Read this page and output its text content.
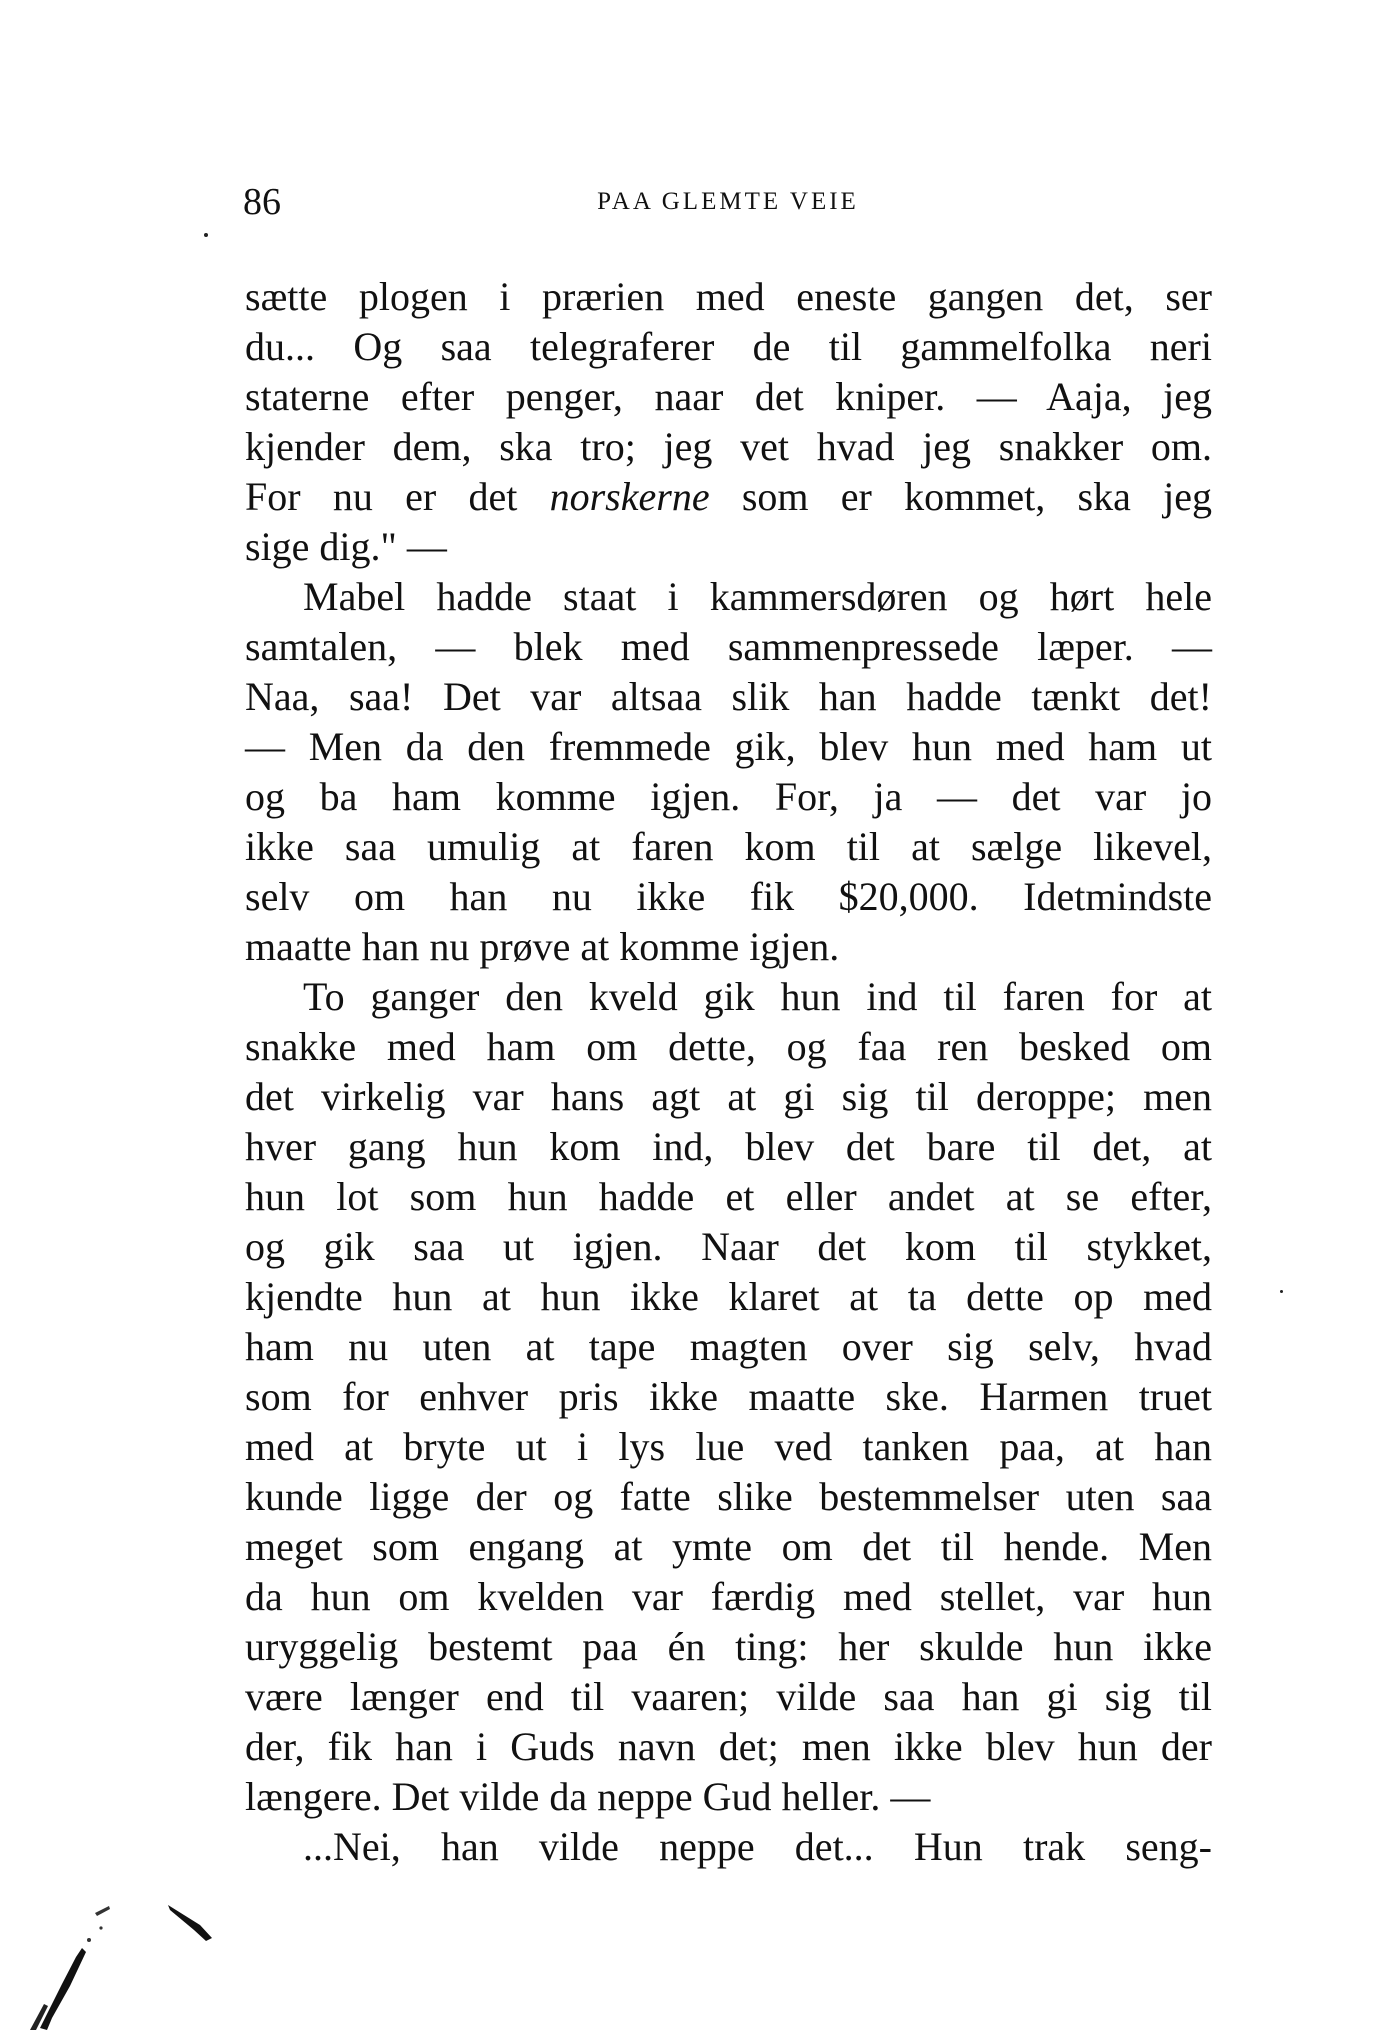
86	PAA GLEMTE VEIE
sætte plogen i prærien med eneste gangen det, ser
du... Og saa telegraferer de til gammelfolka neri
staterne efter penger, naar det kniper. — Aaja, jeg
kjender dem, ska tro; jeg vet hvad jeg snakker om.
For nu er det norskerne som er kommet, ska jeg
sige dig." —
Mabel hadde staat i kammersdøren og hørt hele
samtalen, — blek med sammenpressede læper. —
Naa, saa! Det var altsaa slik han hadde tænkt det!
— Men da den fremmede gik, blev hun med ham ut
og ba ham komme igjen. For, ja — det var jo
ikke saa umulig at faren kom til at sælge likevel,
selv om han nu ikke fik $20,000. Idetmindste
maatte han nu prøve at komme igjen.
To ganger den kveld gik hun ind til faren for at
snakke med ham om dette, og faa ren besked om
det virkelig var hans agt at gi sig til deroppe; men
hver gang hun kom ind, blev det bare til det, at
hun lot som hun hadde et eller andet at se efter,
og gik saa ut igjen. Naar det kom til stykket,
kjendte hun at hun ikke klaret at ta dette op med
ham nu uten at tape magten over sig selv, hvad
som for enhver pris ikke maatte ske. Harmen truet
med at bryte ut i lys lue ved tanken paa, at han
kunde ligge der og fatte slike bestemmelser uten saa
meget som engang at ymte om det til hende. Men
da hun om kvelden var færdig med stellet, var hun
uryggelig bestemt paa én ting: her skulde hun ikke
være længer end til vaaren; vilde saa han gi sig til
der, fik han i Guds navn det; men ikke blev hun der
længere. Det vilde da neppe Gud heller. —
...Nei, han vilde neppe det... Hun trak seng-
